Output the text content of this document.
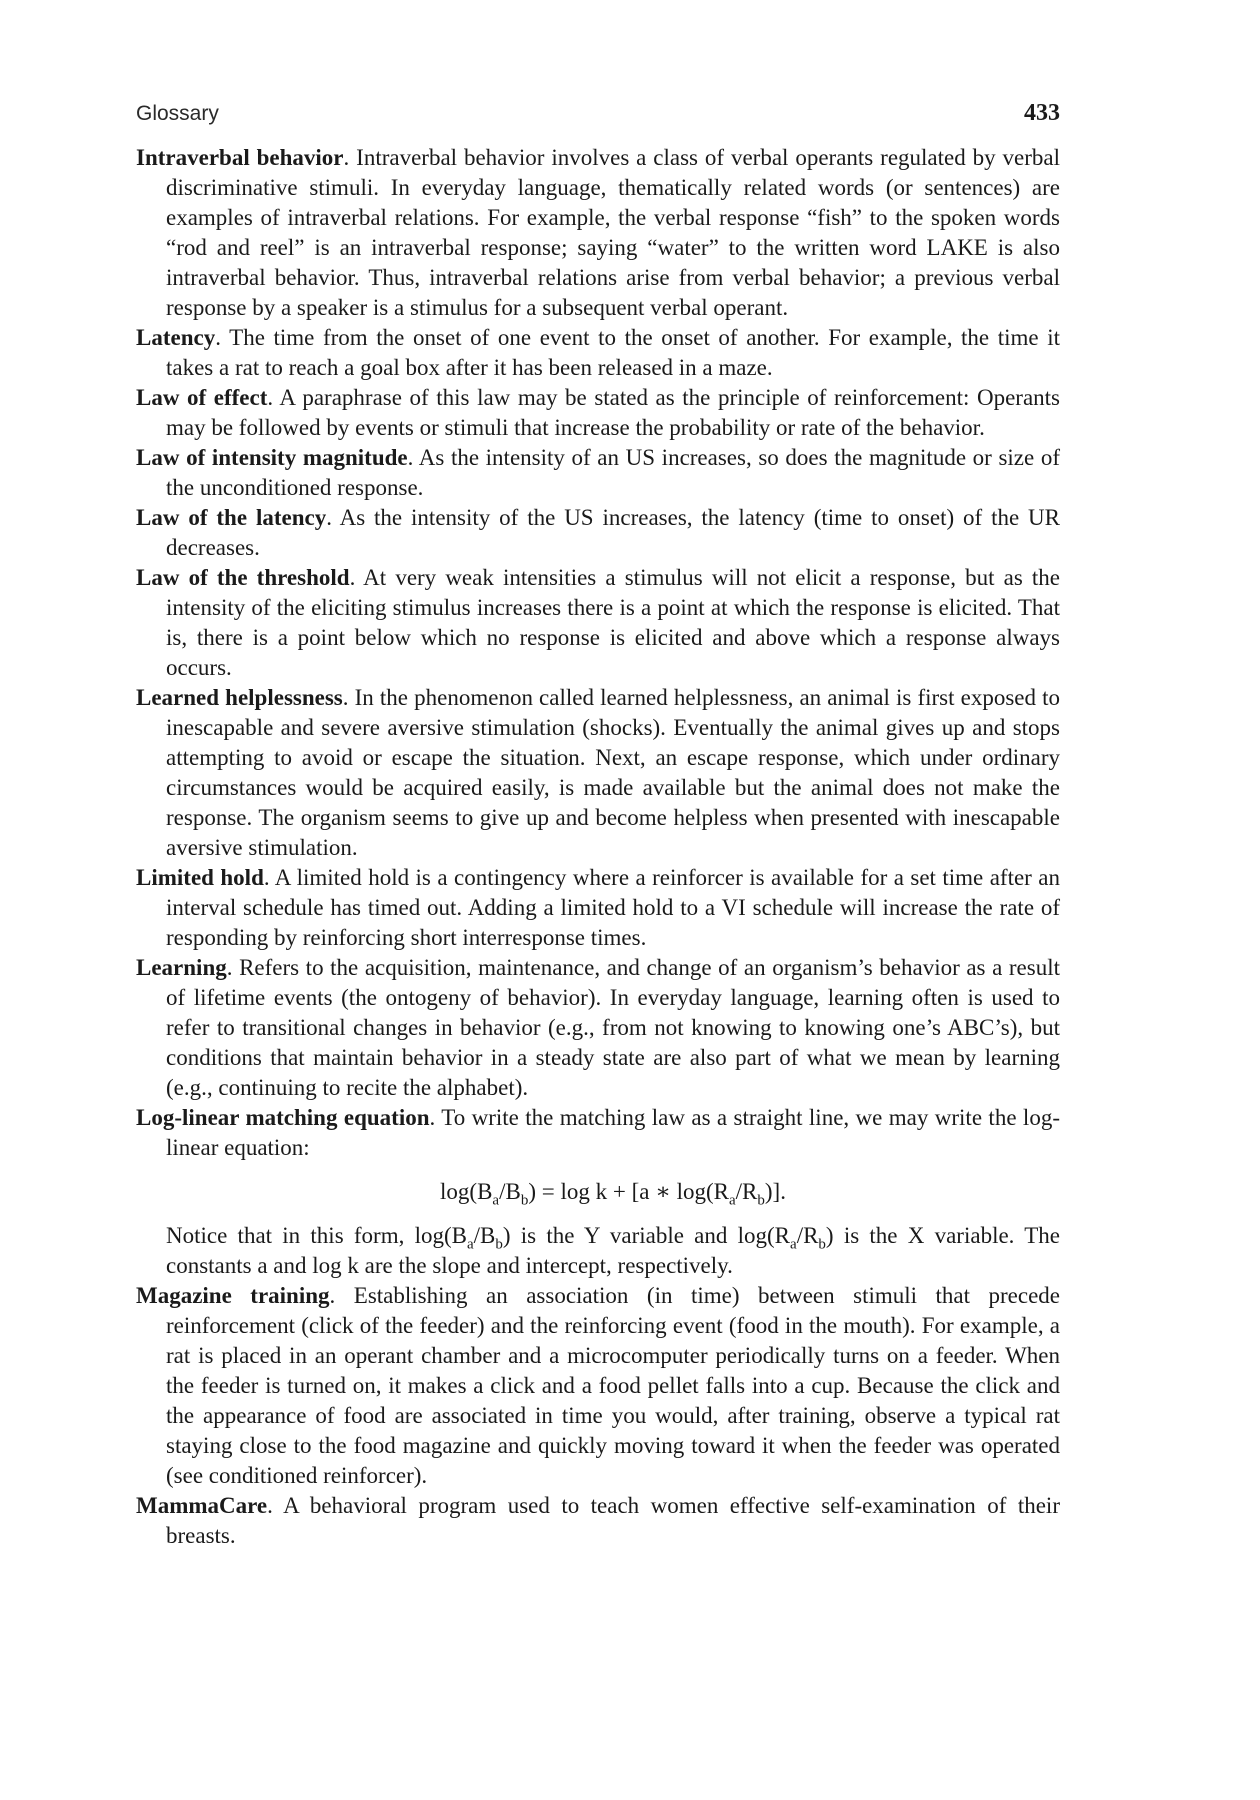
Glossary	433

Intraverbal behavior. Intraverbal behavior involves a class of verbal operants regulated by verbal discriminative stimuli. In everyday language, thematically related words (or sentences) are examples of intraverbal relations. For example, the verbal response “fish” to the spoken words “rod and reel” is an intraverbal response; saying “water” to the written word LAKE is also intraverbal behavior. Thus, intraverbal relations arise from verbal behavior; a previous verbal response by a speaker is a stimulus for a subsequent verbal operant.

Latency. The time from the onset of one event to the onset of another. For example, the time it takes a rat to reach a goal box after it has been released in a maze.

Law of effect. A paraphrase of this law may be stated as the principle of reinforcement: Operants may be followed by events or stimuli that increase the probability or rate of the behavior.

Law of intensity magnitude. As the intensity of an US increases, so does the magnitude or size of the unconditioned response.

Law of the latency. As the intensity of the US increases, the latency (time to onset) of the UR decreases.

Law of the threshold. At very weak intensities a stimulus will not elicit a response, but as the intensity of the eliciting stimulus increases there is a point at which the response is elicited. That is, there is a point below which no response is elicited and above which a response always occurs.

Learned helplessness. In the phenomenon called learned helplessness, an animal is first exposed to inescapable and severe aversive stimulation (shocks). Eventually the animal gives up and stops attempting to avoid or escape the situation. Next, an escape response, which under ordinary circumstances would be acquired easily, is made available but the animal does not make the response. The organism seems to give up and become helpless when presented with inescapable aversive stimulation.

Limited hold. A limited hold is a contingency where a reinforcer is available for a set time after an interval schedule has timed out. Adding a limited hold to a VI schedule will increase the rate of responding by reinforcing short interresponse times.

Learning. Refers to the acquisition, maintenance, and change of an organism’s behavior as a result of lifetime events (the ontogeny of behavior). In everyday language, learning often is used to refer to transitional changes in behavior (e.g., from not knowing to knowing one’s ABC’s), but conditions that maintain behavior in a steady state are also part of what we mean by learning (e.g., continuing to recite the alphabet).

Log-linear matching equation. To write the matching law as a straight line, we may write the log-linear equation:

$\log(B_a/B_b) = \log k + [a$ ∗ $\log(R_a/R_b)$].

Notice that in this form, $\log(B_a/B_b)$ is the Y variable and $\log(R_a/R_b)$ is the X variable. The constants a and log k are the slope and intercept, respectively.

Magazine training. Establishing an association (in time) between stimuli that precede reinforcement (click of the feeder) and the reinforcing event (food in the mouth). For example, a rat is placed in an operant chamber and a microcomputer periodically turns on a feeder. When the feeder is turned on, it makes a click and a food pellet falls into a cup. Because the click and the appearance of food are associated in time you would, after training, observe a typical rat staying close to the food magazine and quickly moving toward it when the feeder was operated (see conditioned reinforcer).

MammaCare. A behavioral program used to teach women effective self-examination of their breasts.
